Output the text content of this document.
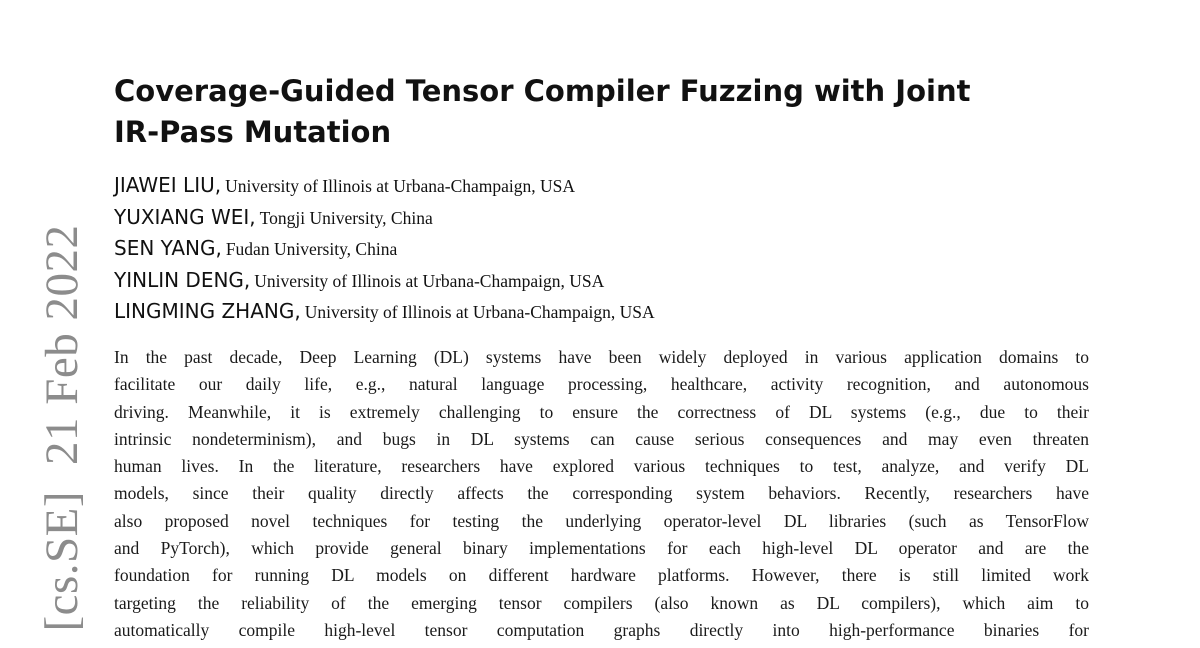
[cs.SE]21 Feb 2022
Coverage-Guided Tensor Compiler Fuzzing with Joint
IR-Pass Mutation
JIAWEI LIU, University of Illinois at Urbana-Champaign, USA
YUXIANG WEI, Tongji University, China
SEN YANG, Fudan University, China
YINLIN DENG, University of Illinois at Urbana-Champaign, USA
LINGMING ZHANG, University of Illinois at Urbana-Champaign, USA
In the past decade, Deep Learning (DL) systems have been widely deployed in various application domains to
facilitate our daily life, e.g., natural language processing, healthcare, activity recognition, and autonomous
driving. Meanwhile, it is extremely challenging to ensure the correctness of DL systems (e.g., due to their
intrinsic nondeterminism), and bugs in DL systems can cause serious consequences and may even threaten
human lives. In the literature, researchers have explored various techniques to test, analyze, and verify DL
models, since their quality directly affects the corresponding system behaviors. Recently, researchers have
also proposed novel techniques for testing the underlying operator-level DL libraries (such as TensorFlow
and PyTorch), which provide general binary implementations for each high-level DL operator and are the
foundation for running DL models on different hardware platforms. However, there is still limited work
targeting the reliability of the emerging tensor compilers (also known as DL compilers), which aim to
automatically compile high-level tensor computation graphs directly into high-performance binaries for
